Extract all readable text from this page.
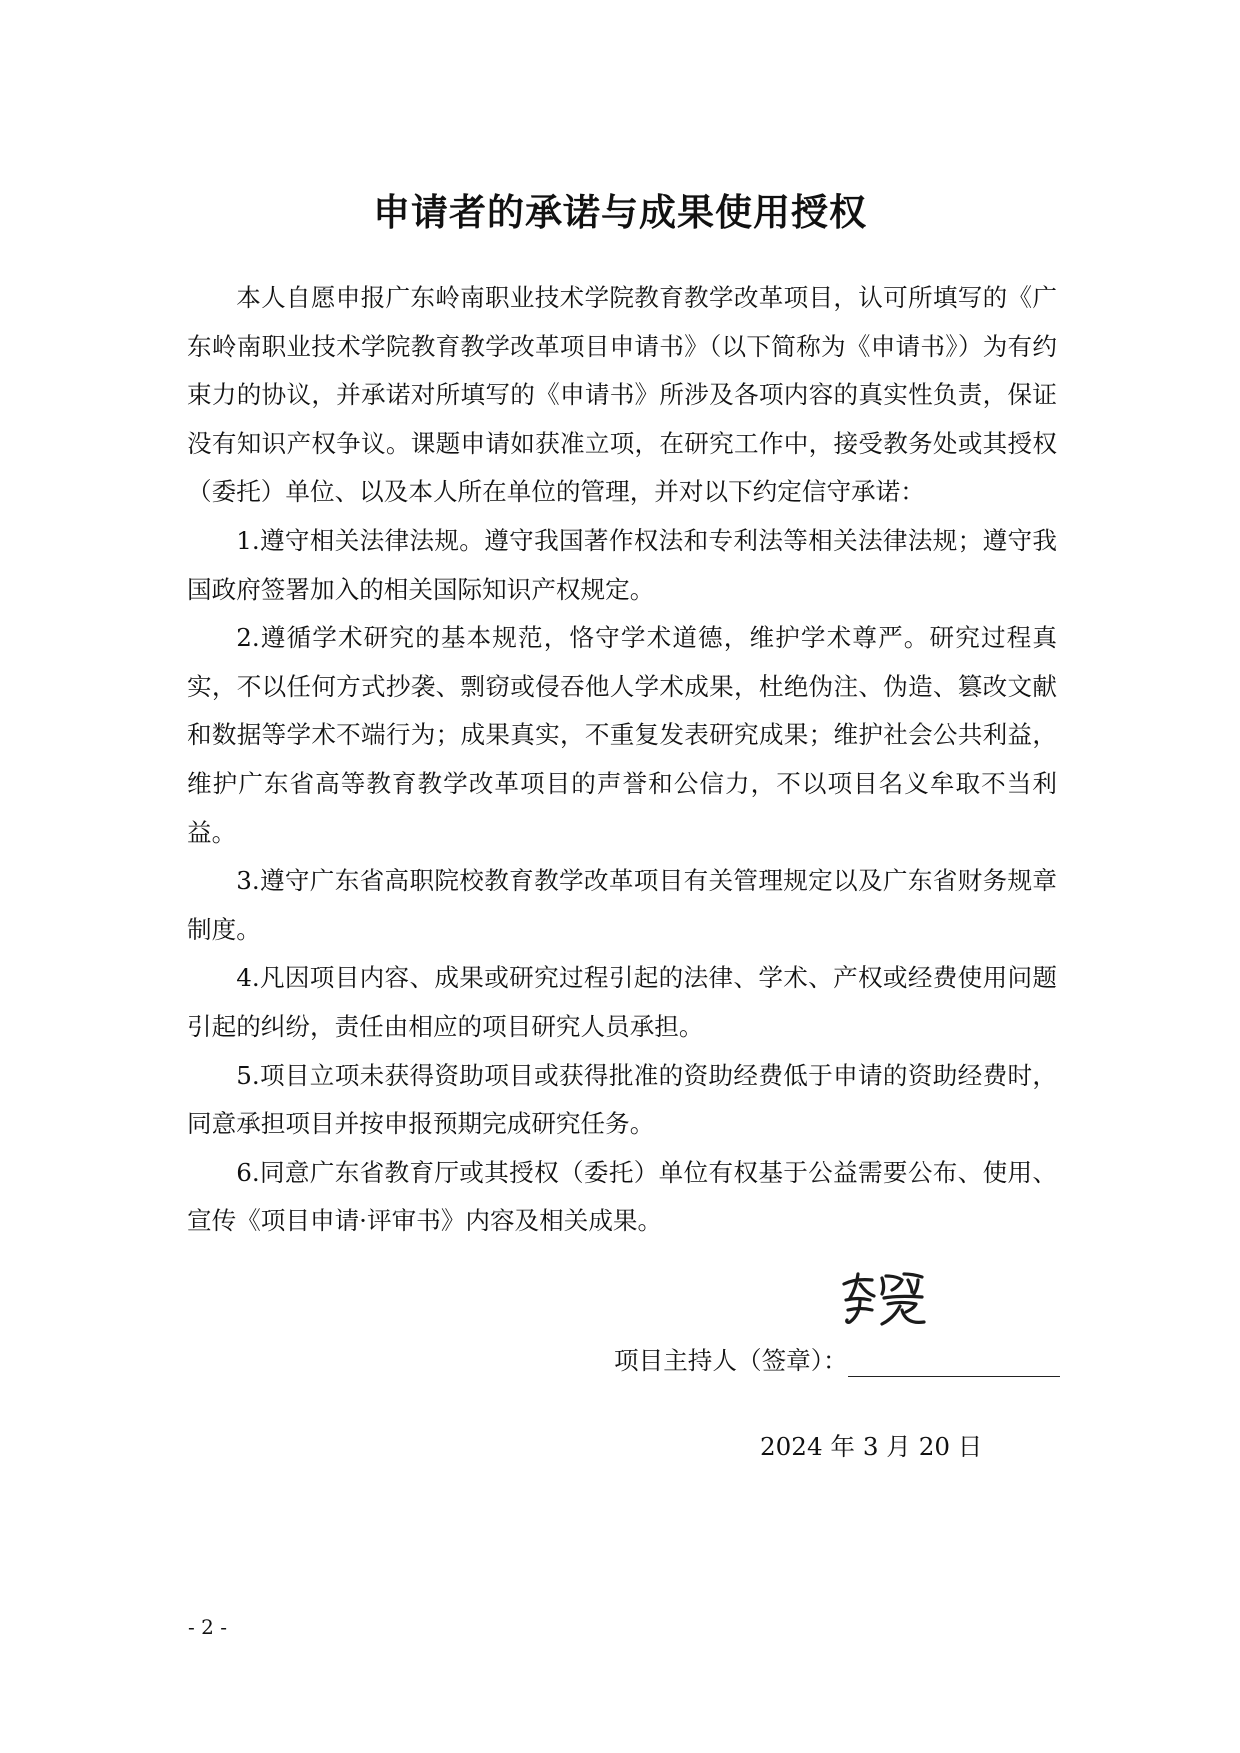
申请者的承诺与成果使用授权

本人自愿申报广东岭南职业技术学院教育教学改革项目，认可所填写的《广东岭南职业技术学院教育教学改革项目申请书》（以下简称为《申请书》）为有约束力的协议，并承诺对所填写的《申请书》所涉及各项内容的真实性负责，保证没有知识产权争议。课题申请如获准立项，在研究工作中，接受教务处或其授权（委托）单位、以及本人所在单位的管理，并对以下约定信守承诺：

1.遵守相关法律法规。遵守我国著作权法和专利法等相关法律法规；遵守我国政府签署加入的相关国际知识产权规定。

2.遵循学术研究的基本规范，恪守学术道德，维护学术尊严。研究过程真实，不以任何方式抄袭、剽窃或侵吞他人学术成果，杜绝伪注、伪造、篡改文献和数据等学术不端行为；成果真实，不重复发表研究成果；维护社会公共利益，维护广东省高等教育教学改革项目的声誉和公信力，不以项目名义牟取不当利益。

3.遵守广东省高职院校教育教学改革项目有关管理规定以及广东省财务规章制度。

4.凡因项目内容、成果或研究过程引起的法律、学术、产权或经费使用问题引起的纠纷，责任由相应的项目研究人员承担。

5.项目立项未获得资助项目或获得批准的资助经费低于申请的资助经费时，同意承担项目并按申报预期完成研究任务。

6.同意广东省教育厅或其授权（委托）单位有权基于公益需要公布、使用、宣传《项目申请·评审书》内容及相关成果。

项目主持人（签章）：
2024 年 3 月 20 日
- 2 -
